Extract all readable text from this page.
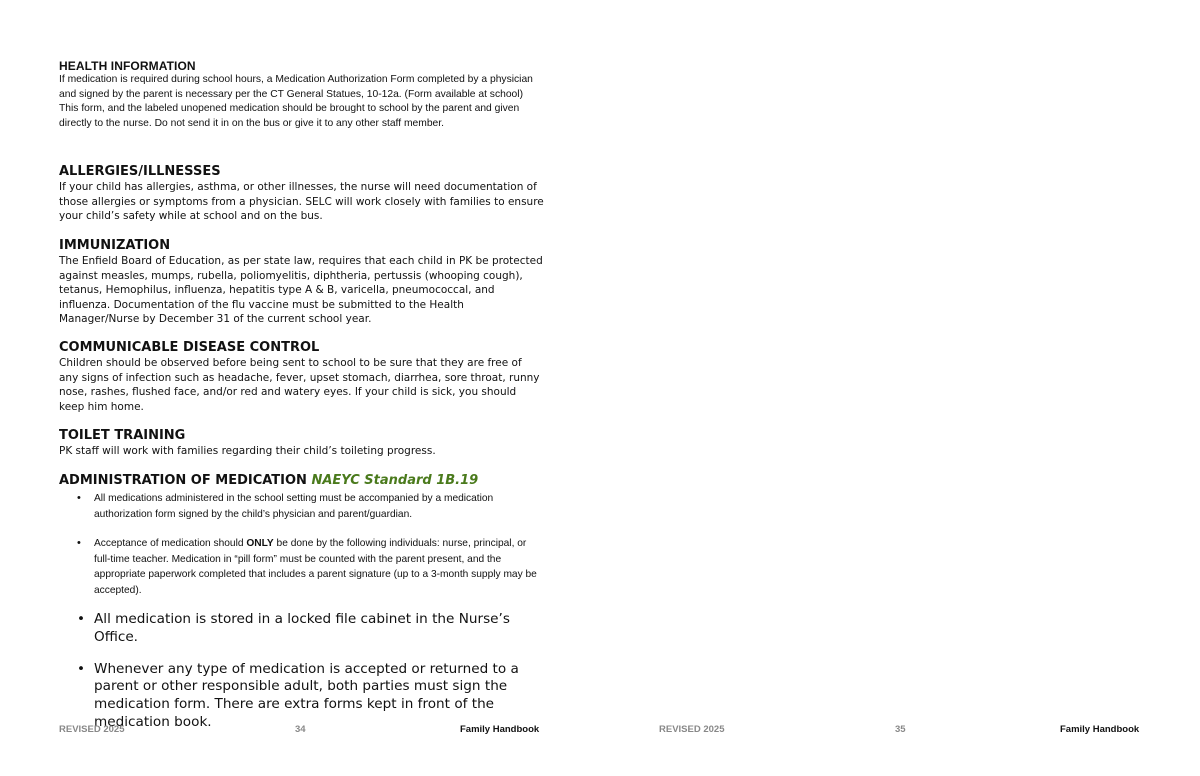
HEALTH INFORMATION

If medication is required during school hours, a Medication Authorization Form completed by a physician and signed by the parent is necessary per the CT General Statues, 10-12a. (Form available at school) This form, and the labeled unopened medication should be brought to school by the parent and given directly to the nurse. Do not send it in on the bus or give it to any other staff member.

ALLERGIES/ILLNESSES

If your child has allergies, asthma, or other illnesses, the nurse will need documentation of those allergies or symptoms from a physician. SELC will work closely with families to ensure your child’s safety while at school and on the bus.

IMMUNIZATION

The Enfield Board of Education, as per state law, requires that each child in PK be protected against measles, mumps, rubella, poliomyelitis, diphtheria, pertussis (whooping cough), tetanus, Hemophilus, influenza, hepatitis type A & B, varicella, pneumococcal, and influenza. Documentation of the flu vaccine must be submitted to the Health Manager/Nurse by December 31 of the current school year.

COMMUNICABLE DISEASE CONTROL

Children should be observed before being sent to school to be sure that they are free of any signs of infection such as headache, fever, upset stomach, diarrhea, sore throat, runny nose, rashes, flushed face, and/or red and watery eyes. If your child is sick, you should keep him home.

TOILET TRAINING

PK staff will work with families regarding their child’s toileting progress.

ADMINISTRATION OF MEDICATION NAEYC Standard 1B.19

• All medications administered in the school setting must be accompanied by a medication authorization form signed by the child’s physician and parent/guardian.
• Acceptance of medication should ONLY be done by the following individuals: nurse, principal, or full-time teacher. Medication in “pill form” must be counted with the parent present, and the appropriate paperwork completed that includes a parent signature (up to a 3-month supply may be accepted).
• All medication is stored in a locked file cabinet in the Nurse’s Office.
• Whenever any type of medication is accepted or returned to a parent or other responsible adult, both parties must sign the medication form. There are extra forms kept in front of the medication book.
REVISED 2025	34	Family Handbook	REVISED 2025	35	Family Handbook
